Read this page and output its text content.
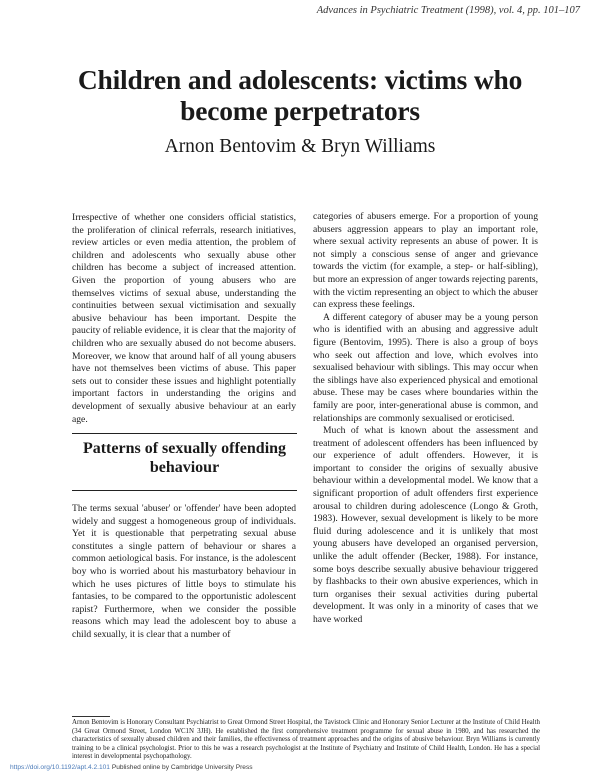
Advances in Psychiatric Treatment (1998), vol. 4, pp. 101–107
Children and adolescents: victims who
become perpetrators
Arnon Bentovim & Bryn Williams

Irrespective of whether one considers official statistics, the proliferation of clinical referrals, research initiatives, review articles or even media attention, the problem of children and adolescents who sexually abuse other children has become a subject of increased attention. Given the proportion of young abusers who are themselves victims of sexual abuse, understanding the continuities between sexual victimisation and sexually abusive behaviour has been important. Despite the paucity of reliable evidence, it is clear that the majority of children who are sexually abused do not become abusers. Moreover, we know that around half of all young abusers have not themselves been victims of abuse. This paper sets out to consider these issues and highlight potentially important factors in understanding the origins and development of sexually abusive behaviour at an early age.

Patterns of sexually offending behaviour

The terms sexual 'abuser' or 'offender' have been adopted widely and suggest a homogeneous group of individuals. Yet it is questionable that perpetrating sexual abuse constitutes a single pattern of behaviour or shares a common aetiological basis. For instance, is the adolescent boy who is worried about his masturbatory behaviour in which he uses pictures of little boys to stimulate his fantasies, to be compared to the opportunistic adolescent rapist? Furthermore, when we consider the possible reasons which may lead the adolescent boy to abuse a child sexually, it is clear that a number of

categories of abusers emerge. For a proportion of young abusers aggression appears to play an important role, where sexual activity represents an abuse of power. It is not simply a conscious sense of anger and grievance towards the victim (for example, a step- or half-sibling), but more an expression of anger towards rejecting parents, with the victim representing an object to which the abuser can express these feelings.

A different category of abuser may be a young person who is identified with an abusing and aggressive adult figure (Bentovim, 1995). There is also a group of boys who seek out affection and love, which evolves into sexualised behaviour with siblings. This may occur when the siblings have also experienced physical and emotional abuse. These may be cases where boundaries within the family are poor, inter-generational abuse is common, and relationships are commonly sexualised or eroticised.

Much of what is known about the assessment and treatment of adolescent offenders has been influenced by our experience of adult offenders. However, it is important to consider the origins of sexually abusive behaviour within a developmental model. We know that a significant proportion of adult offenders first experience arousal to children during adolescence (Longo & Groth, 1983). However, sexual development is likely to be more fluid during adolescence and it is unlikely that most young abusers have developed an organised perversion, unlike the adult offender (Becker, 1988). For instance, some boys describe sexually abusive behaviour triggered by flashbacks to their own abusive experiences, which in turn organises their sexual activities during pubertal development. It was only in a minority of cases that we have worked

Arnon Bentovim is Honorary Consultant Psychiatrist to Great Ormond Street Hospital, the Tavistock Clinic and Honorary Senior Lecturer at the Institute of Child Health (34 Great Ormond Street, London WC1N 3JH). He established the first comprehensive treatment programme for sexual abuse in 1980, and has researched the characteristics of sexually abused children and their families, the effectiveness of treatment approaches and the origins of abusive behaviour. Bryn Williams is currently training to be a clinical psychologist. Prior to this he was a research psychologist at the Institute of Psychiatry and Institute of Child Health, London. He has a special interest in developmental psychopathology.
https://doi.org/10.1192/apt.4.2.101 Published online by Cambridge University Press
